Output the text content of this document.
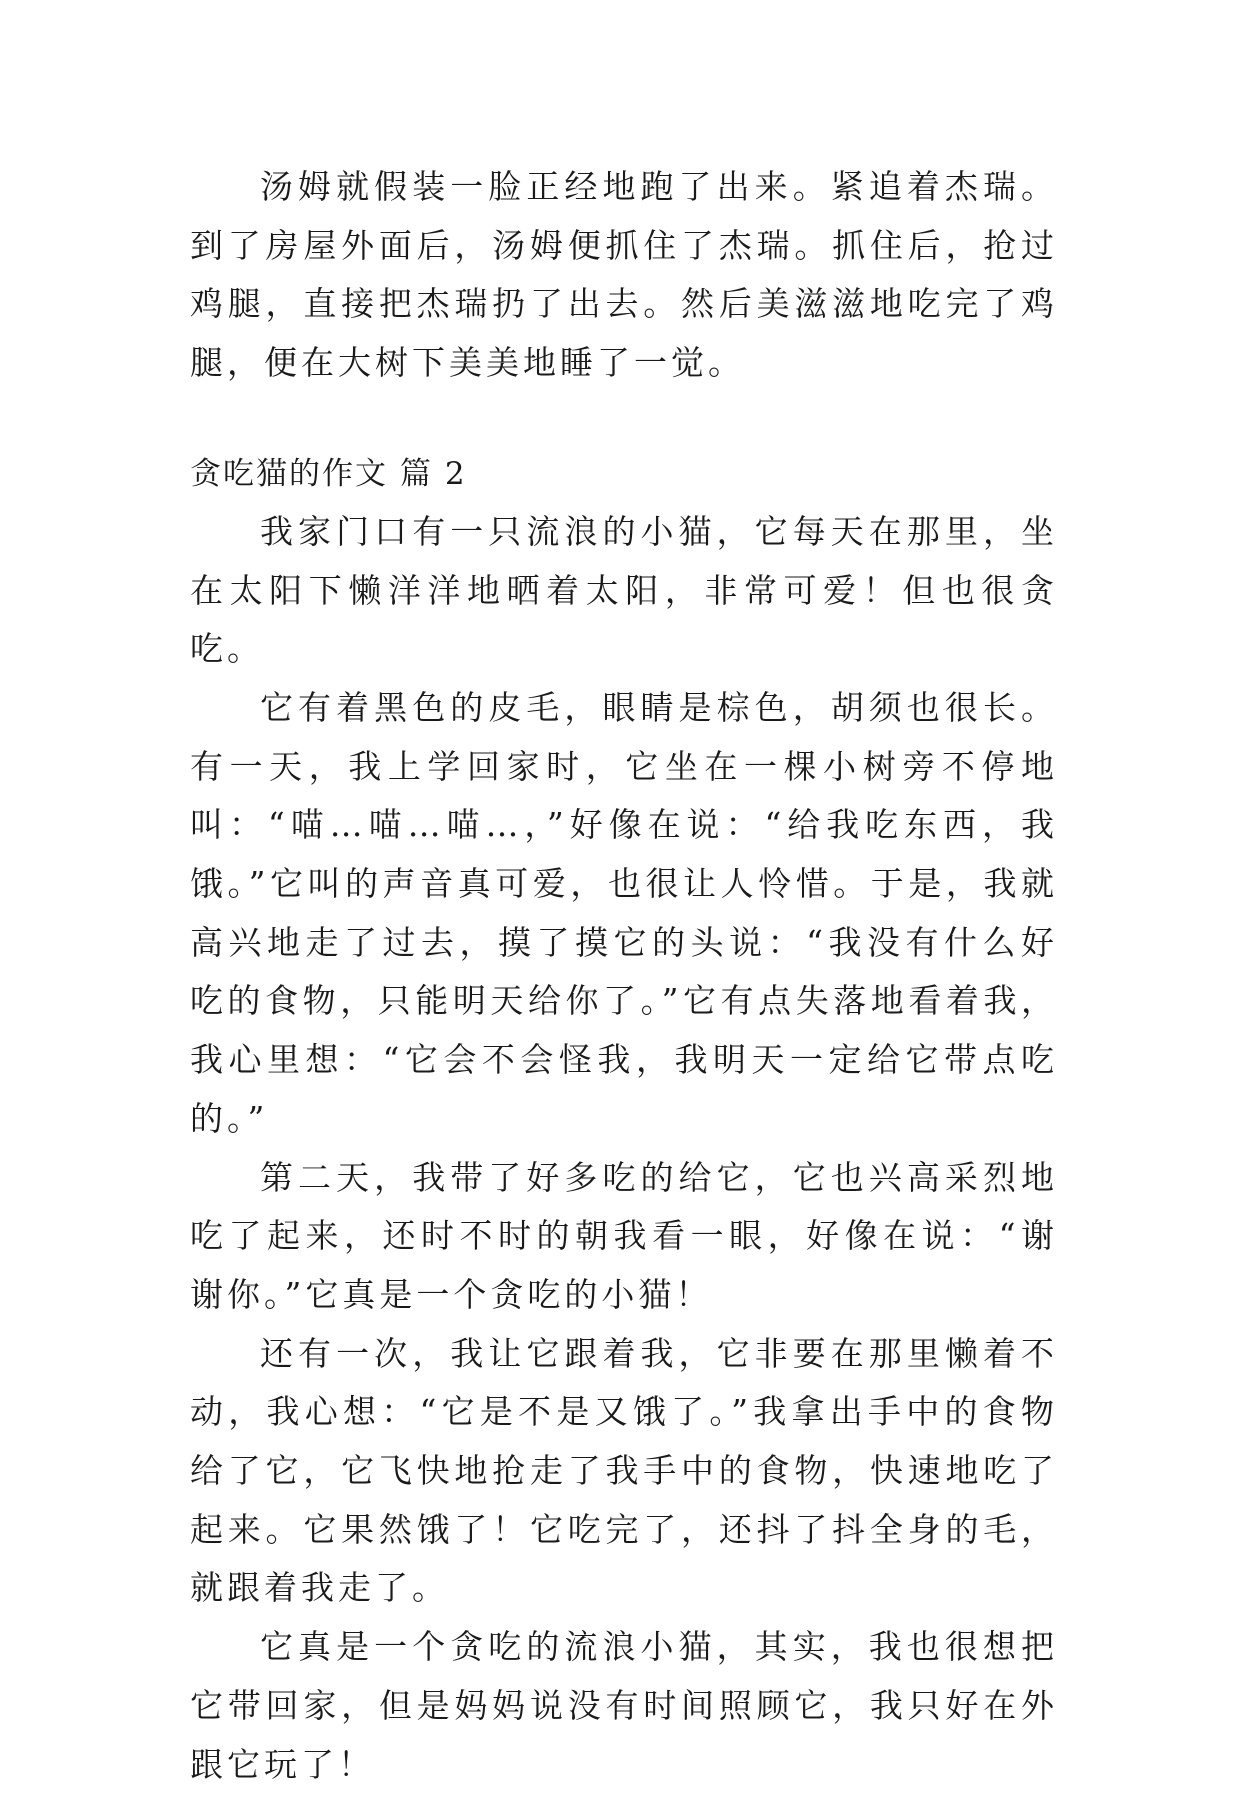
汤姆就假装一脸正经地跑了出来。紧追着杰瑞。到了房屋外面后，汤姆便抓住了杰瑞。抓住后，抢过鸡腿，直接把杰瑞扔了出去。然后美滋滋地吃完了鸡腿，便在大树下美美地睡了一觉。

贪吃猫的作文 篇 2

我家门口有一只流浪的小猫，它每天在那里，坐在太阳下懒洋洋地晒着太阳，非常可爱！但也很贪吃。

它有着黑色的皮毛，眼睛是棕色，胡须也很长。有一天，我上学回家时，它坐在一棵小树旁不停地叫：“喵…喵…喵…，”好像在说：“给我吃东西，我饿。”它叫的声音真可爱，也很让人怜惜。于是，我就高兴地走了过去，摸了摸它的头说：“我没有什么好吃的食物，只能明天给你了。”它有点失落地看着我，我心里想：“它会不会怪我，我明天一定给它带点吃的。”

第二天，我带了好多吃的给它，它也兴高采烈地吃了起来，还时不时的朝我看一眼，好像在说：“谢谢你。”它真是一个贪吃的小猫！

还有一次，我让它跟着我，它非要在那里懒着不动，我心想：“它是不是又饿了。”我拿出手中的食物给了它，它飞快地抢走了我手中的食物，快速地吃了起来。它果然饿了！它吃完了，还抖了抖全身的毛，就跟着我走了。

它真是一个贪吃的流浪小猫，其实，我也很想把它带回家，但是妈妈说没有时间照顾它，我只好在外跟它玩了！
